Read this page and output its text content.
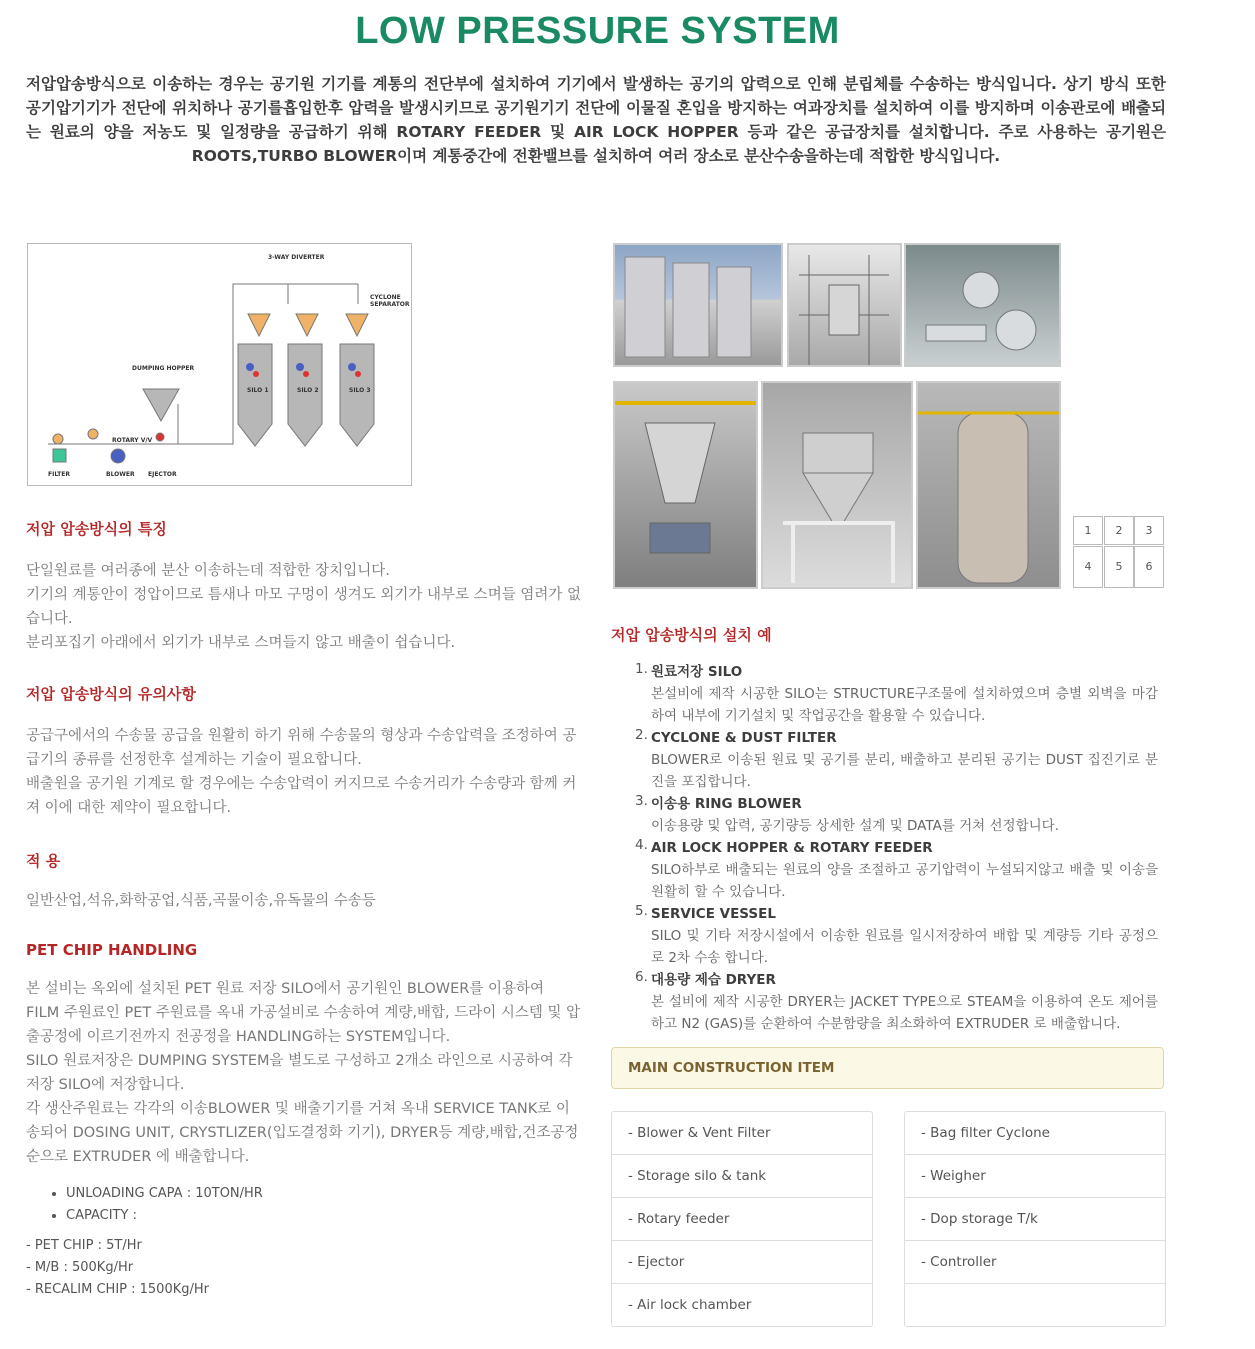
LOW PRESSURE SYSTEM
저압압송방식으로 이송하는 경우는 공기원 기기를 계통의 전단부에 설치하여 기기에서 발생하는 공기의 압력으로 인해 분립체를 수송하는 방식입니다. 상기 방식 또한 공기압기기가 전단에 위치하나 공기를흡입한후 압력을 발생시키므로 공기원기기 전단에 이물질 혼입을 방지하는 여과장치를 설치하여 이를 방지하며 이송관로에 배출되는 원료의 양을 저농도 및 일정량을 공급하기 위해 ROTARY FEEDER 및 AIR LOCK HOPPER 등과 같은 공급장치를 설치합니다. 주로 사용하는 공기원은 ROOTS,TURBO BLOWER이며 계통중간에 전환밸브를 설치하여 여러 장소로 분산수송을하는데 적합한 방식입니다.
3-WAY DIVERTER
CYCLONE
SEPARATOR
DUMPING HOPPER
ROTARY V/V
FILTER	BLOWER EJECTOR
SILO 1	SILO 2	SILO 3

저압 압송방식의 특징

단일원료를 여러종에 분산 이송하는데 적합한 장치입니다.

기기의 계통안이 정압이므로 틈새나 마모 구멍이 생겨도 외기가 내부로 스며들 염려가 없습니다.

분리포집기 아래에서 외기가 내부로 스며들지 않고 배출이 쉽습니다.

저압 압송방식의 유의사항

공급구에서의 수송물 공급을 원활히 하기 위해 수송물의 형상과 수송압력을 조정하여 공급기의 종류를 선정한후 설계하는 기술이 필요합니다.

배출원을 공기원 기계로 할 경우에는 수송압력이 커지므로 수송거리가 수송량과 함께 커져 이에 대한 제약이 필요합니다.

적 용

일반산업,석유,화학공업,식품,곡물이송,유독물의 수송등

PET CHIP HANDLING

본 설비는 옥외에 설치된 PET 원료 저장 SILO에서 공기원인 BLOWER를 이용하여 FILM 주원료인 PET 주원료를 옥내 가공설비로 수송하여 계량,배합, 드라이 시스템 및 압출공정에 이르기전까지 전공정을 HANDLING하는 SYSTEM입니다.

SILO 원료저장은 DUMPING SYSTEM을 별도로 구성하고 2개소 라인으로 시공하여 각 저장 SILO에 저장합니다.

각 생산주원료는 각각의 이송BLOWER 및 배출기기를 거쳐 옥내 SERVICE TANK로 이송되어 DOSING UNIT, CRYSTLIZER(입도결정화 기기), DRYER등 계량,배합,건조공정 순으로 EXTRUDER 에 배출합니다.

• UNLOADING CAPA : 10TON/HR
• CAPACITY :
- PET CHIP : 5T/Hr
- M/B : 500Kg/Hr
- RECALIM CHIP : 1500Kg/Hr
1	2	3
4	5	6

저압 압송방식의 설치 예

1. 원료저장 SILO
본설비에 제작 시공한 SILO는 STRUCTURE구조물에 설치하였으며 층별 외벽을 마감하여 내부에 기기설치 및 작업공간을 활용할 수 있습니다.
2. CYCLONE & DUST FILTER
BLOWER로 이송된 원료 및 공기를 분리, 배출하고 분리된 공기는 DUST 집진기로 분진을 포집합니다.
3. 이송용 RING BLOWER
이송용량 및 압력, 공기량등 상세한 설계 및 DATA를 거쳐 선정합니다.
4. AIR LOCK HOPPER & ROTARY FEEDER
SILO하부로 배출되는 원료의 양을 조절하고 공기압력이 누설되지않고 배출 및 이송을 원활히 할 수 있습니다.
5. SERVICE VESSEL
SILO 및 기타 저장시설에서 이송한 원료를 일시저장하여 배합 및 계량등 기타 공정으로 2차 수송 합니다.
6. 대용량 제습 DRYER
본 설비에 제작 시공한 DRYER는 JACKET TYPE으로 STEAM을 이용하여 온도 제어를 하고 N2 (GAS)를 순환하여 수분함량을 최소화하여 EXTRUDER 로 배출합니다.
MAIN CONSTRUCTION ITEM
- Blower & Vent Filter
- Storage silo & tank
- Rotary feeder
- Ejector
- Air lock chamber
- Bag filter Cyclone
- Weigher
- Dop storage T/k
- Controller
